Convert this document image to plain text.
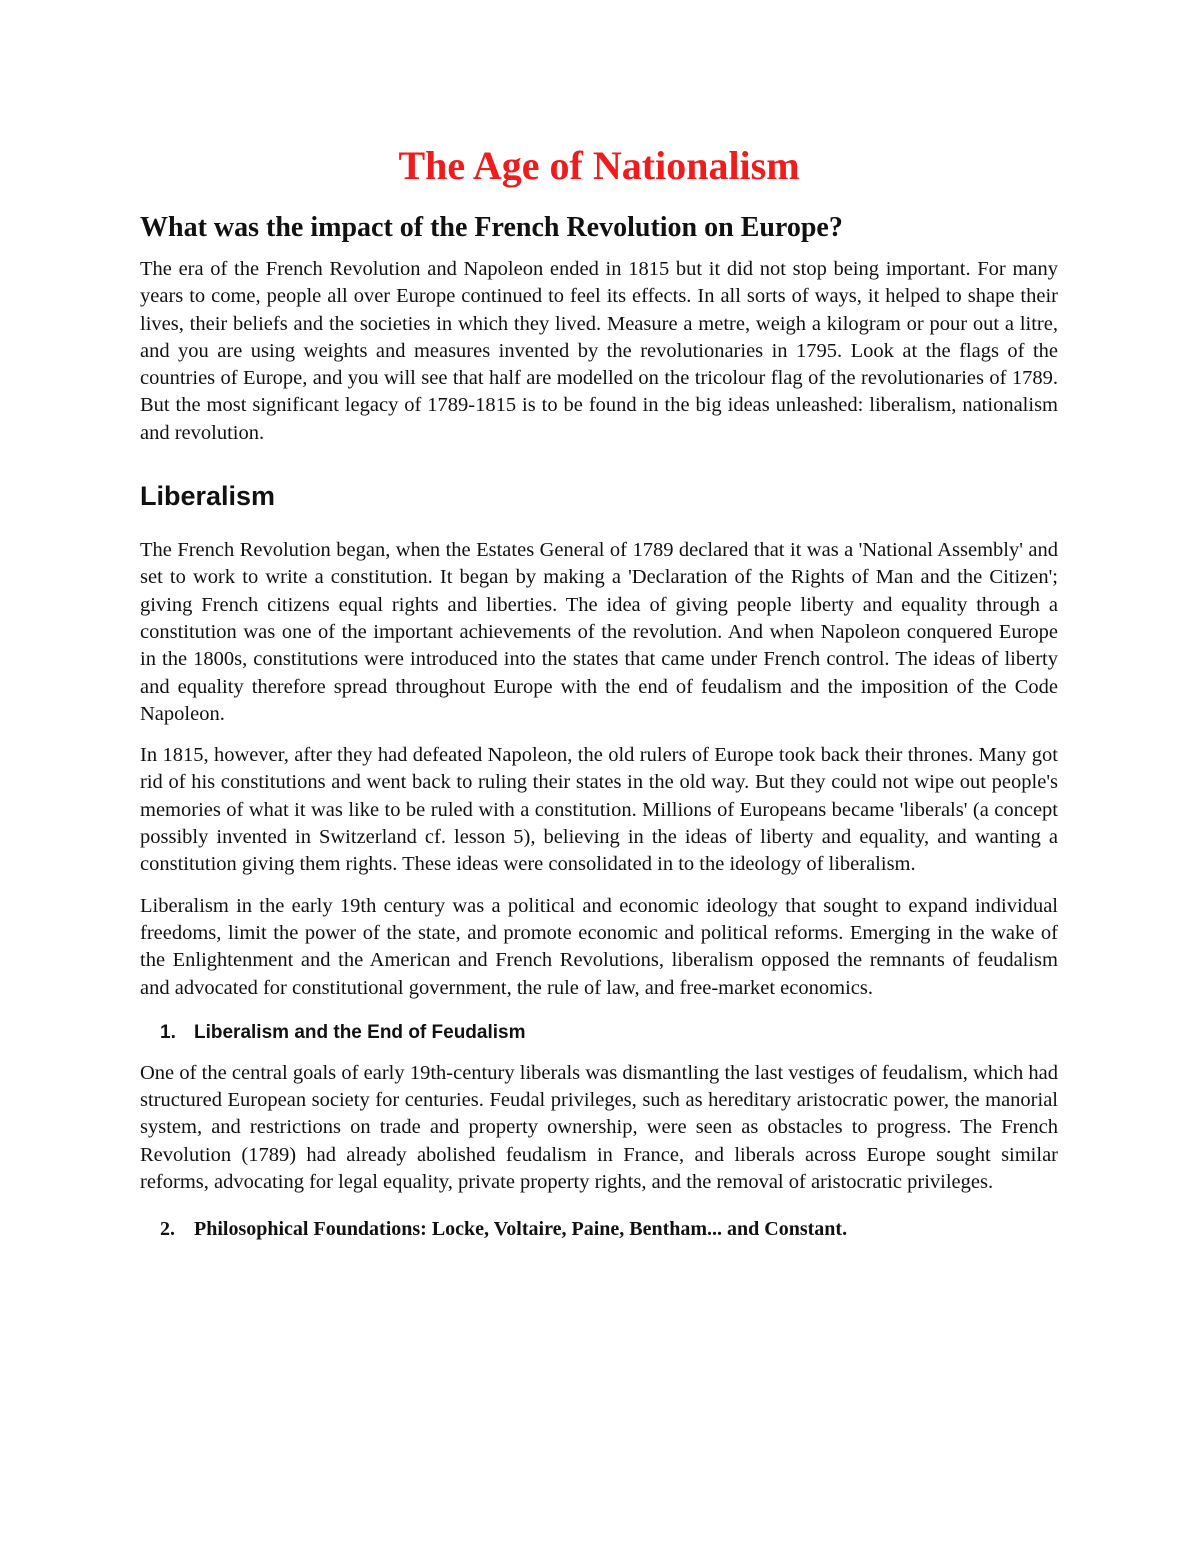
The Age of Nationalism
What was the impact of the French Revolution on Europe?

The era of the French Revolution and Napoleon ended in 1815 but it did not stop being important. For many years to come, people all over Europe continued to feel its effects. In all sorts of ways, it helped to shape their lives, their beliefs and the societies in which they lived. Measure a metre, weigh a kilogram or pour out a litre, and you are using weights and measures invented by the revolutionaries in 1795. Look at the flags of the countries of Europe, and you will see that half are modelled on the tricolour flag of the revolutionaries of 1789. But the most significant legacy of 1789-1815 is to be found in the big ideas unleashed: liberalism, nationalism and revolution.

Liberalism

The French Revolution began, when the Estates General of 1789 declared that it was a 'National Assembly' and set to work to write a constitution. It began by making a 'Declaration of the Rights of Man and the Citizen'; giving French citizens equal rights and liberties. The idea of giving people liberty and equality through a constitution was one of the important achievements of the revolution. And when Napoleon conquered Europe in the 1800s, constitutions were introduced into the states that came under French control. The ideas of liberty and equality therefore spread throughout Europe with the end of feudalism and the imposition of the Code Napoleon.

In 1815, however, after they had defeated Napoleon, the old rulers of Europe took back their thrones. Many got rid of his constitutions and went back to ruling their states in the old way. But they could not wipe out people's memories of what it was like to be ruled with a constitution. Millions of Europeans became 'liberals' (a concept possibly invented in Switzerland cf. lesson 5), believing in the ideas of liberty and equality, and wanting a constitution giving them rights. These ideas were consolidated in to the ideology of liberalism.

Liberalism in the early 19th century was a political and economic ideology that sought to expand individual freedoms, limit the power of the state, and promote economic and political reforms. Emerging in the wake of the Enlightenment and the American and French Revolutions, liberalism opposed the remnants of feudalism and advocated for constitutional government, the rule of law, and free-market economics.

1. Liberalism and the End of Feudalism

One of the central goals of early 19th-century liberals was dismantling the last vestiges of feudalism, which had structured European society for centuries. Feudal privileges, such as hereditary aristocratic power, the manorial system, and restrictions on trade and property ownership, were seen as obstacles to progress. The French Revolution (1789) had already abolished feudalism in France, and liberals across Europe sought similar reforms, advocating for legal equality, private property rights, and the removal of aristocratic privileges.

2. Philosophical Foundations: Locke, Voltaire, Paine, Bentham... and Constant.
